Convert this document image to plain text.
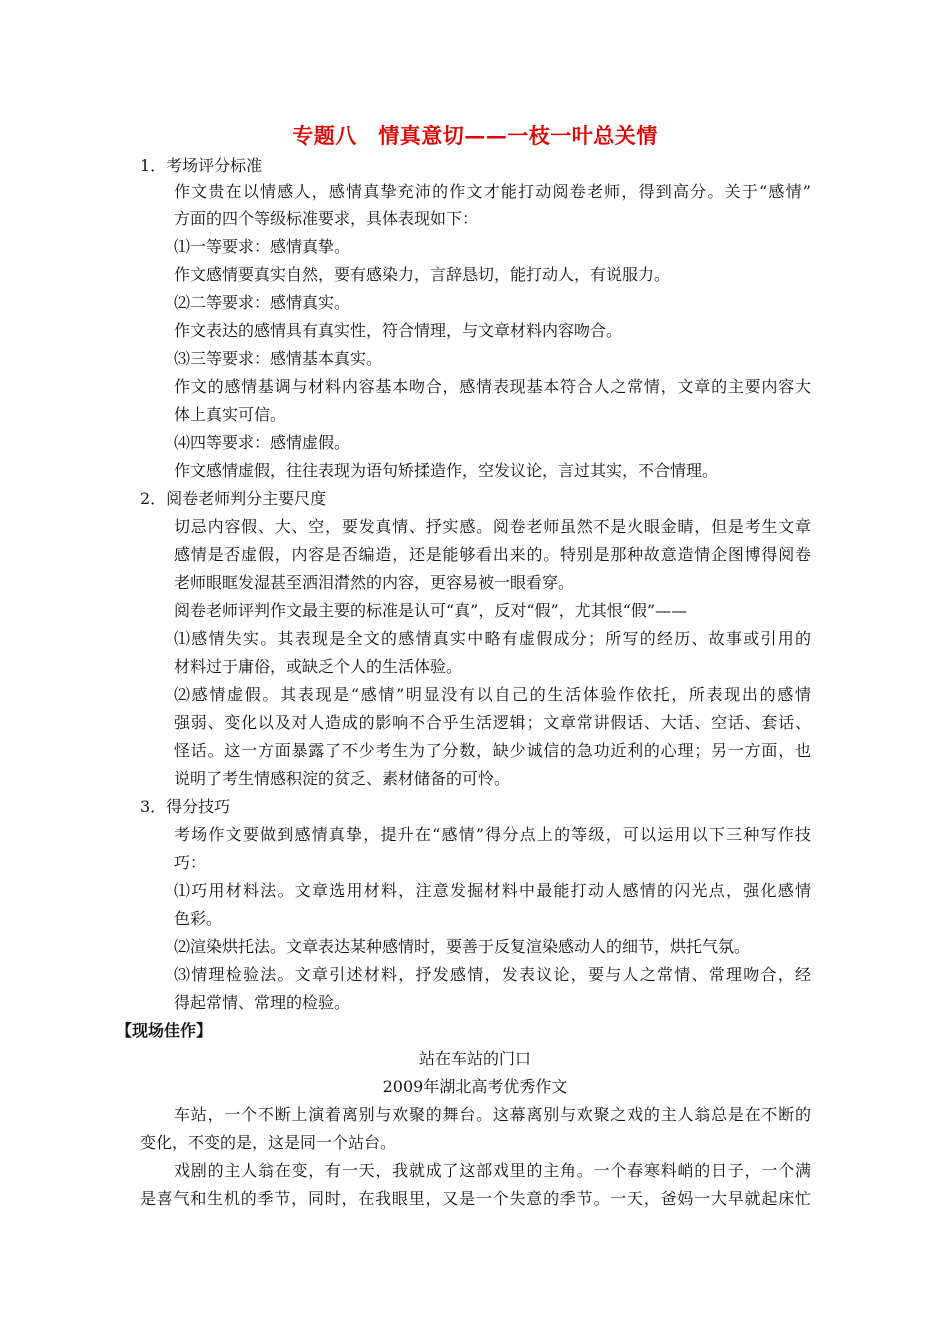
专题八　情真意切——一枝一叶总关情
1．考场评分标准
作文贵在以情感人，感情真挚充沛的作文才能打动阅卷老师，得到高分。关于“感情”
方面的四个等级标准要求，具体表现如下：
⑴一等要求：感情真挚。
作文感情要真实自然，要有感染力，言辞恳切，能打动人，有说服力。
⑵二等要求：感情真实。
作文表达的感情具有真实性，符合情理，与文章材料内容吻合。
⑶三等要求：感情基本真实。
作文的感情基调与材料内容基本吻合，感情表现基本符合人之常情，文章的主要内容大
体上真实可信。
⑷四等要求：感情虚假。
作文感情虚假，往往表现为语句矫揉造作，空发议论，言过其实，不合情理。
2．阅卷老师判分主要尺度
切忌内容假、大、空，要发真情、抒实感。阅卷老师虽然不是火眼金睛，但是考生文章
感情是否虚假，内容是否编造，还是能够看出来的。特别是那种故意造情企图博得阅卷
老师眼眶发湿甚至洒泪潸然的内容，更容易被一眼看穿。
阅卷老师评判作文最主要的标准是认可“真”，反对“假”，尤其恨“假”——
⑴感情失实。其表现是全文的感情真实中略有虚假成分；所写的经历、故事或引用的
材料过于庸俗，或缺乏个人的生活体验。
⑵感情虚假。其表现是“感情”明显没有以自己的生活体验作依托，所表现出的感情
强弱、变化以及对人造成的影响不合乎生活逻辑；文章常讲假话、大话、空话、套话、
怪话。这一方面暴露了不少考生为了分数，缺少诚信的急功近利的心理；另一方面，也
说明了考生情感积淀的贫乏、素材储备的可怜。
3．得分技巧
考场作文要做到感情真挚，提升在“感情”得分点上的等级，可以运用以下三种写作技
巧：
⑴巧用材料法。文章选用材料，注意发掘材料中最能打动人感情的闪光点，强化感情
色彩。
⑵渲染烘托法。文章表达某种感情时，要善于反复渲染感动人的细节，烘托气氛。
⑶情理检验法。文章引述材料，抒发感情，发表议论，要与人之常情、常理吻合，经
得起常情、常理的检验。
【现场佳作】
站在车站的门口
2009年湖北高考优秀作文
车站，一个不断上演着离别与欢聚的舞台。这幕离别与欢聚之戏的主人翁总是在不断的
变化，不变的是，这是同一个站台。
戏剧的主人翁在变，有一天，我就成了这部戏里的主角。一个春寒料峭的日子，一个满
是喜气和生机的季节，同时，在我眼里，又是一个失意的季节。一天，爸妈一大早就起床忙
